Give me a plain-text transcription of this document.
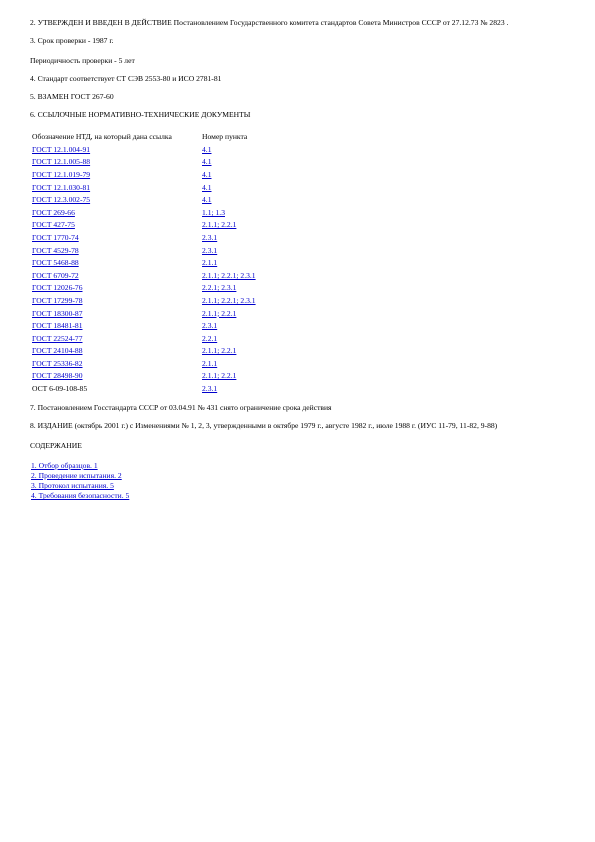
2. УТВЕРЖДЕН И ВВЕДЕН В ДЕЙСТВИЕ Постановлением Государственного комитета стандартов Совета Министров СССР от 27.12.73 № 2823 .

3. Срок проверки - 1987 г.

Периодичность проверки - 5 лет

4. Стандарт соответствует СТ СЭВ 2553-80 и ИСО 2781-81

5. ВЗАМЕН ГОСТ 267-60

6. ССЫЛОЧНЫЕ НОРМАТИВНО-ТЕХНИЧЕСКИЕ ДОКУМЕНТЫ

Обозначение НТД, на который дана ссылка	Номер пункта
ГОСТ 12.1.004-91	4.1
ГОСТ 12.1.005-88	4.1
ГОСТ 12.1.019-79	4.1
ГОСТ 12.1.030-81	4.1
ГОСТ 12.3.002-75	4.1
ГОСТ 269-66	1.1; 1.3
ГОСТ 427-75	2.1.1; 2.2.1
ГОСТ 1770-74	2.3.1
ГОСТ 4529-78	2.3.1
ГОСТ 5468-88	2.1.1
ГОСТ 6709-72	2.1.1; 2.2.1; 2.3.1
ГОСТ 12026-76	2.2.1; 2.3.1
ГОСТ 17299-78	2.1.1; 2.2.1; 2.3.1
ГОСТ 18300-87	2.1.1; 2.2.1
ГОСТ 18481-81	2.3.1
ГОСТ 22524-77	2.2.1
ГОСТ 24104-88	2.1.1; 2.2.1
ГОСТ 25336-82	2.1.1
ГОСТ 28498-90	2.1.1; 2.2.1
ОСТ 6-09-108-85	2.3.1

7. Постановлением Госстандарта СССР от 03.04.91 № 431 снято ограничение срока действия

8. ИЗДАНИЕ (октябрь 2001 г.) с Изменениями № 1, 2, 3, утвержденными в октябре 1979 г., августе 1982 г., июле 1988 г. (ИУС 11-79, 11-82, 9-88)

СОДЕРЖАНИЕ

1. Отбор образцов. 1
2. Проведение испытания. 2
3. Протокол испытания. 5
4. Требования безопасности. 5
